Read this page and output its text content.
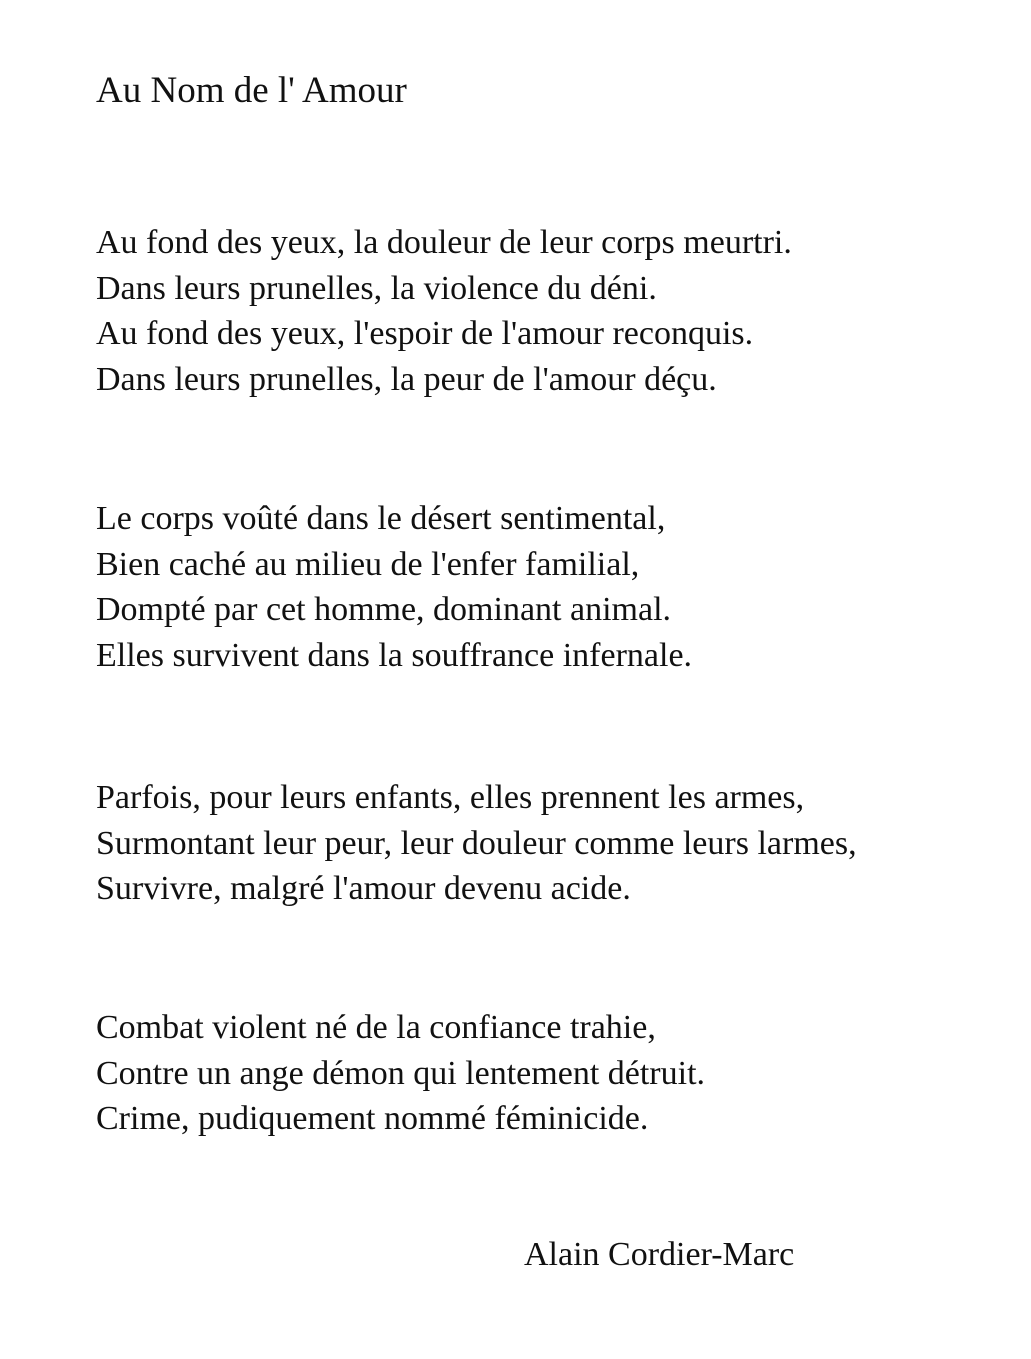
Au Nom de l' Amour

Au fond des yeux, la douleur de leur corps meurtri.
Dans leurs prunelles, la violence du déni.
Au fond des yeux, l'espoir de l'amour reconquis.
Dans leurs prunelles, la peur de l'amour déçu.

Le corps voûté dans le désert sentimental,
Bien caché au milieu de l'enfer familial,
Dompté par cet homme, dominant animal.
Elles survivent dans la souffrance infernale.

Parfois, pour leurs enfants, elles prennent les armes,
Surmontant leur peur, leur douleur comme leurs larmes,
Survivre, malgré l'amour devenu acide.

Combat violent né de la confiance trahie,
Contre un ange démon qui lentement détruit.
Crime, pudiquement nommé féminicide.

Alain Cordier-Marc
